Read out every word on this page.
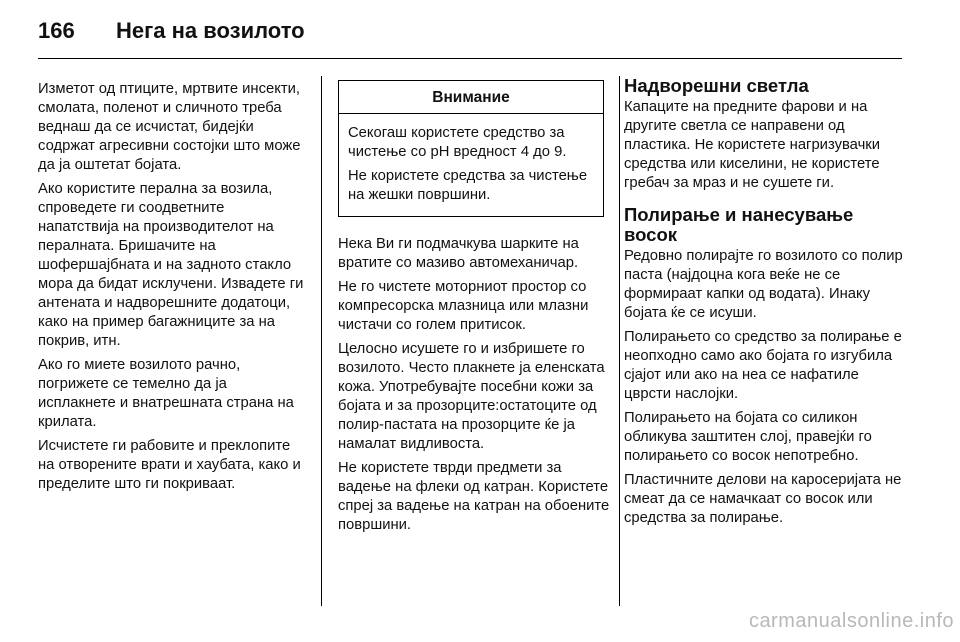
166 Нега на возилото

Изметот од птиците, мртвите инсекти, смолата, поленот и сличното треба веднаш да се исчистат, бидејќи содржат агресивни состојки што може да ја оштетат бојата.

Ако користите перална за возила, спроведете ги соодветните напатствија на производителот на пералната. Бришачите на шофершајбната и на задното стакло мора да бидат исклучени. Извадете ги антената и надворешните додатоци, како на пример багажниците за на покрив, итн.

Ако го миете возилото рачно, погрижете се темелно да ја исплакнете и внатрешната страна на крилата.

Исчистете ги рабовите и преклопите на отворените врати и хаубата, како и пределите што ги покриваат.

Внимание

Секогаш користете средство за чистење со pH вредност 4 до 9.

Не користете средства за чистење на жешки површини.

Нека Ви ги подмачкува шарките на вратите со мазиво автомеханичар.

Не го чистете моторниот простор со компресорска млазница или млазни чистачи со голем притисок.

Целосно исушете го и избришете го возилото. Често плакнете ја еленската кожа. Употребувајте посебни кожи за бојата и за прозорците:остатоците од полир-пастата на прозорците ќе ја намалат видливоста.

Не користете тврди предмети за вадење на флеки од катран. Користете спреј за вадење на катран на обоените површини.

Надворешни светла

Капаците на предните фарови и на другите светла се направени од пластика. Не користете нагризувачки средства или киселини, не користете гребач за мраз и не сушете ги.

Полирање и нанесување восок

Редовно полирајте го возилото со полир паста (најдоцна кога веќе не се формираат капки од водата). Инаку бојата ќе се исуши.

Полирањето со средство за полирање е неопходно само ако бојата го изгубила сјајот или ако на неа се нафатиле цврсти наслојки.

Полирањето на бојата со силикон обликува заштитен слој, правејќи го полирањето со восок непотребно.

Пластичните делови на каросеријата не смеат да се намачкаат со восок или средства за полирање.

carmanualsonline.info
